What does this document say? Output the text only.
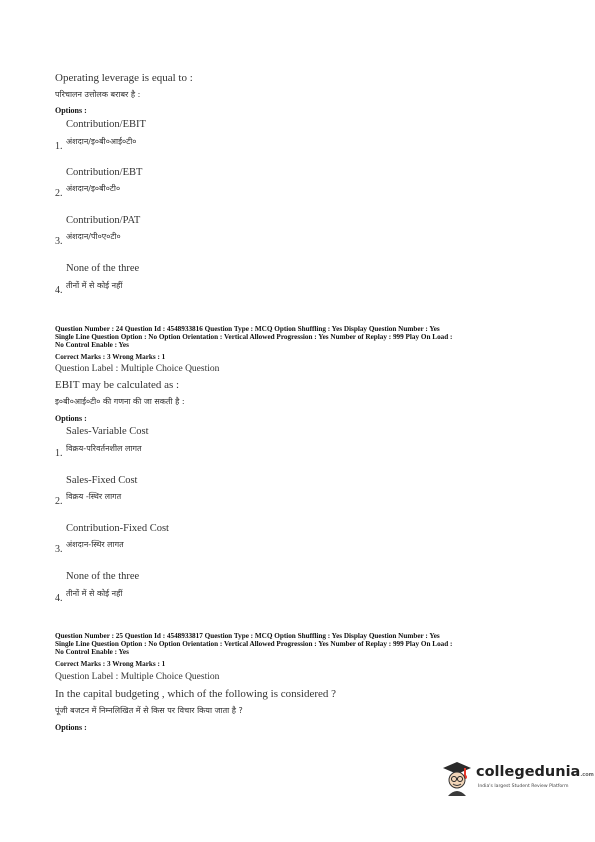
Operating leverage is equal to :
परिचालन उत्तोलक बराबर है :
Options :
Contribution/EBIT
1. अंशदान/इ०बी०आई०टी०
Contribution/EBT
2. अंशदान/इ०बी०टी०
Contribution/PAT
3. अंशदान/पी०ए०टी०
None of the three
4. तीनों में से कोई नहीं
Question Number : 24 Question Id : 4548933816 Question Type : MCQ Option Shuffling : Yes Display Question Number : Yes
Single Line Question Option : No Option Orientation : Vertical Allowed Progression : Yes Number of Replay : 999 Play On Load :
No Control Enable : Yes
Correct Marks : 3 Wrong Marks : 1
Question Label : Multiple Choice Question
EBIT may be calculated as :
इ०बी०आई०टी० की गणना की जा सकती है :
Options :
Sales-Variable Cost
1. विक्रय-परिवर्तनशील लागत
Sales-Fixed Cost
2. विक्रय -स्थिर लागत
Contribution-Fixed Cost
3. अंशदान-स्थिर लागत
None of the three
4. तीनों में से कोई नहीं
Question Number : 25 Question Id : 4548933817 Question Type : MCQ Option Shuffling : Yes Display Question Number : Yes
Single Line Question Option : No Option Orientation : Vertical Allowed Progression : Yes Number of Replay : 999 Play On Load :
No Control Enable : Yes
Correct Marks : 3 Wrong Marks : 1
Question Label : Multiple Choice Question
In the capital budgeting , which of the following is considered ?
पूंजी बजटन में निम्नलिखित में से किस पर विचार किया जाता है ?
Options :
collegedunia.com
India's largest Student Review Platform
